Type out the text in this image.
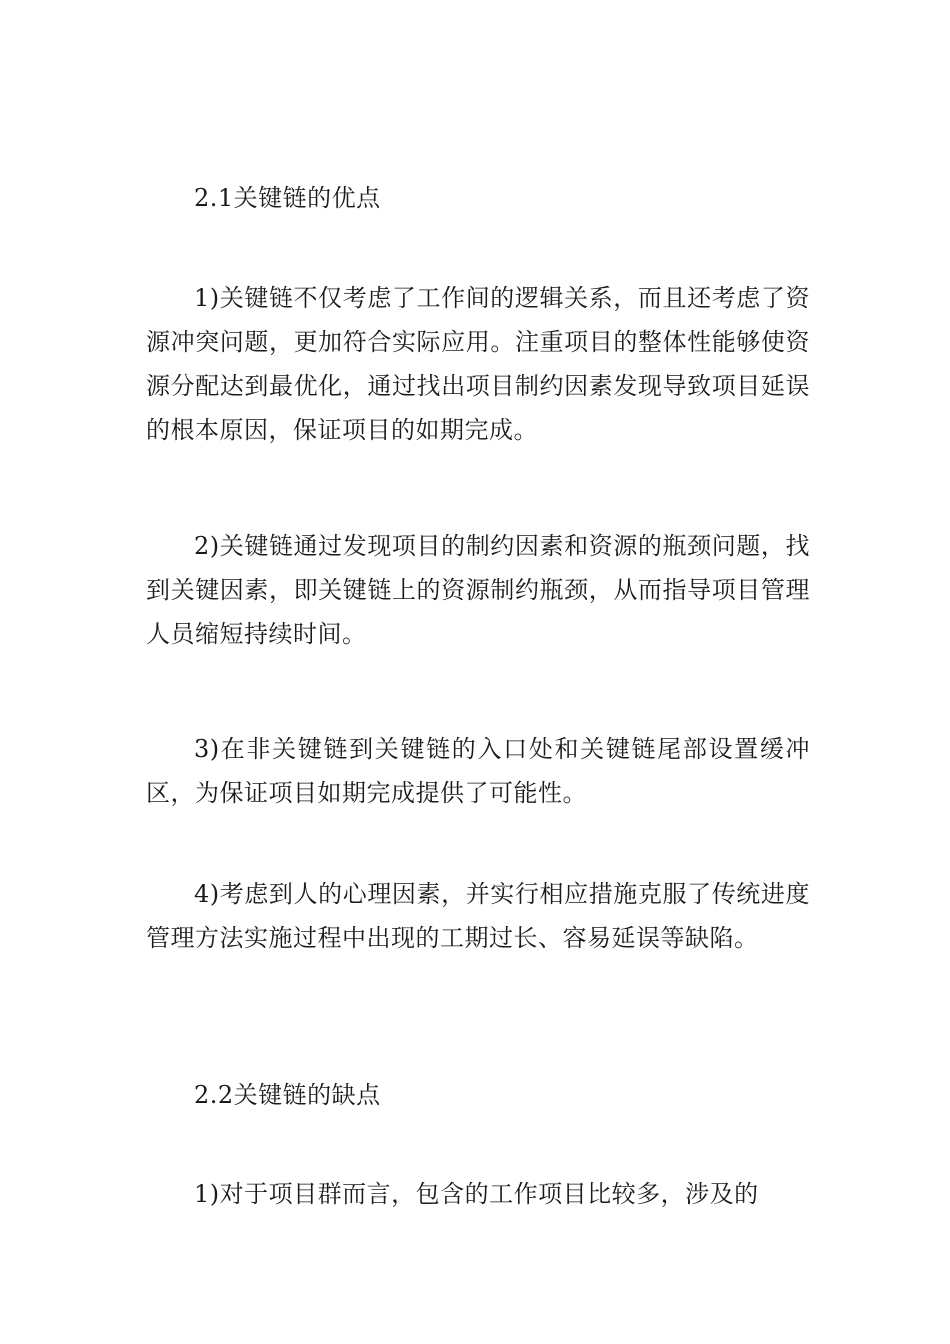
2.1关键链的优点

1)关键链不仅考虑了工作间的逻辑关系，而且还考虑了资源冲突问题，更加符合实际应用。注重项目的整体性能够使资源分配达到最优化，通过找出项目制约因素发现导致项目延误的根本原因，保证项目的如期完成。

2)关键链通过发现项目的制约因素和资源的瓶颈问题，找到关键因素，即关键链上的资源制约瓶颈，从而指导项目管理人员缩短持续时间。

3)在非关键链到关键链的入口处和关键链尾部设置缓冲区，为保证项目如期完成提供了可能性。

4)考虑到人的心理因素，并实行相应措施克服了传统进度管理方法实施过程中出现的工期过长、容易延误等缺陷。

2.2关键链的缺点

1)对于项目群而言，包含的工作项目比较多，涉及的
